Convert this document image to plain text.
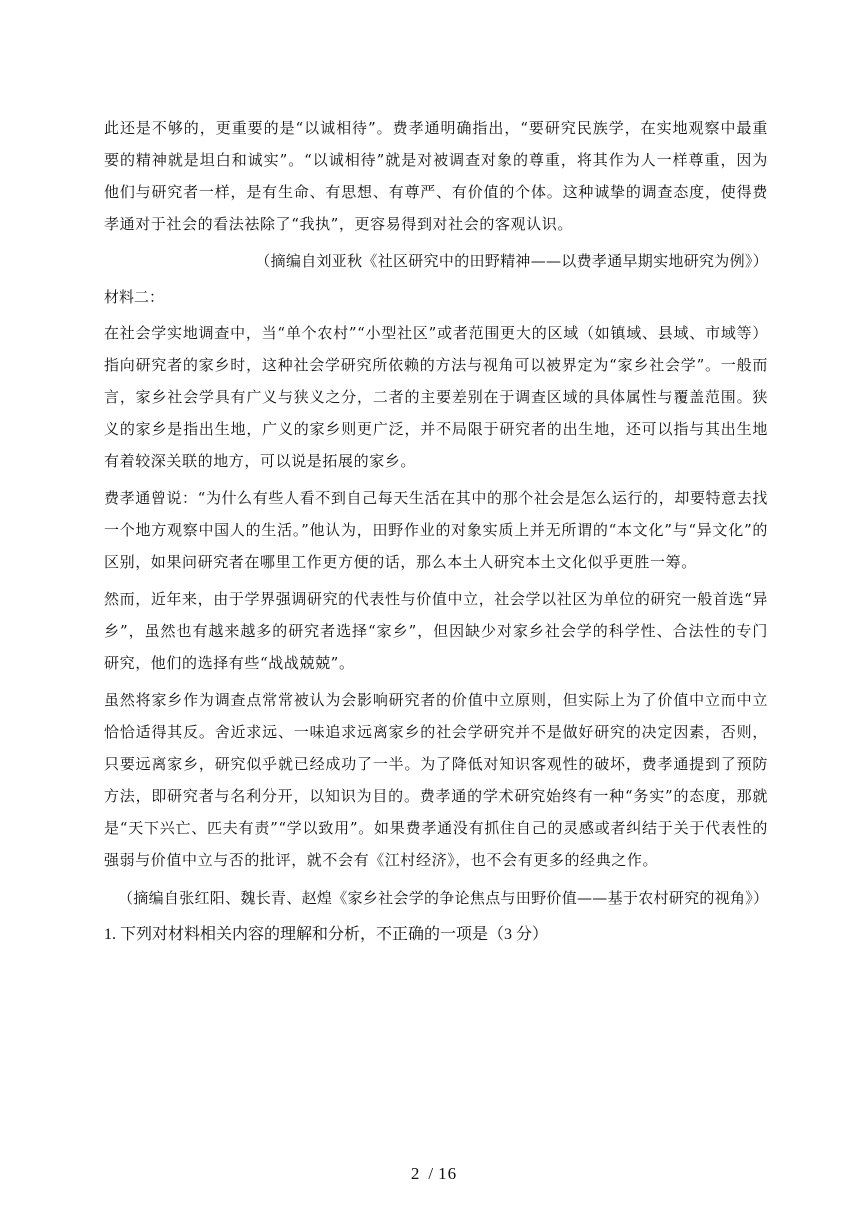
此还是不够的，更重要的是“以诚相待”。费孝通明确指出，“要研究民族学，在实地观察中最重要的精神就是坦白和诚实”。“以诚相待”就是对被调查对象的尊重，将其作为人一样尊重，因为他们与研究者一样，是有生命、有思想、有尊严、有价值的个体。这种诚挚的调查态度，使得费孝通对于社会的看法祛除了“我执”，更容易得到对社会的客观认识。

（摘编自刘亚秋《社区研究中的田野精神——以费孝通早期实地研究为例》）

材料二：

在社会学实地调查中，当“单个农村”“小型社区”或者范围更大的区域（如镇域、县域、市域等）指向研究者的家乡时，这种社会学研究所依赖的方法与视角可以被界定为“家乡社会学”。一般而言，家乡社会学具有广义与狭义之分，二者的主要差别在于调查区域的具体属性与覆盖范围。狭义的家乡是指出生地，广义的家乡则更广泛，并不局限于研究者的出生地，还可以指与其出生地有着较深关联的地方，可以说是拓展的家乡。

费孝通曾说：“为什么有些人看不到自己每天生活在其中的那个社会是怎么运行的，却要特意去找一个地方观察中国人的生活。”他认为，田野作业的对象实质上并无所谓的“本文化”与“异文化”的区别，如果问研究者在哪里工作更方便的话，那么本土人研究本土文化似乎更胜一筹。

然而，近年来，由于学界强调研究的代表性与价值中立，社会学以社区为单位的研究一般首选“异乡”，虽然也有越来越多的研究者选择“家乡”，但因缺少对家乡社会学的科学性、合法性的专门研究，他们的选择有些“战战兢兢”。

虽然将家乡作为调查点常常被认为会影响研究者的价值中立原则，但实际上为了价值中立而中立恰恰适得其反。舍近求远、一味追求远离家乡的社会学研究并不是做好研究的决定因素，否则，只要远离家乡，研究似乎就已经成功了一半。为了降低对知识客观性的破坏，费孝通提到了预防方法，即研究者与名利分开，以知识为目的。费孝通的学术研究始终有一种“务实”的态度，那就是“天下兴亡、匹夫有责”“学以致用”。如果费孝通没有抓住自己的灵感或者纠结于关于代表性的强弱与价值中立与否的批评，就不会有《江村经济》，也不会有更多的经典之作。

（摘编自张红阳、魏长青、赵煌《家乡社会学的争论焦点与田野价值——基于农村研究的视角》）

1. 下列对材料相关内容的理解和分析，不正确的一项是（3 分）

2 / 16
